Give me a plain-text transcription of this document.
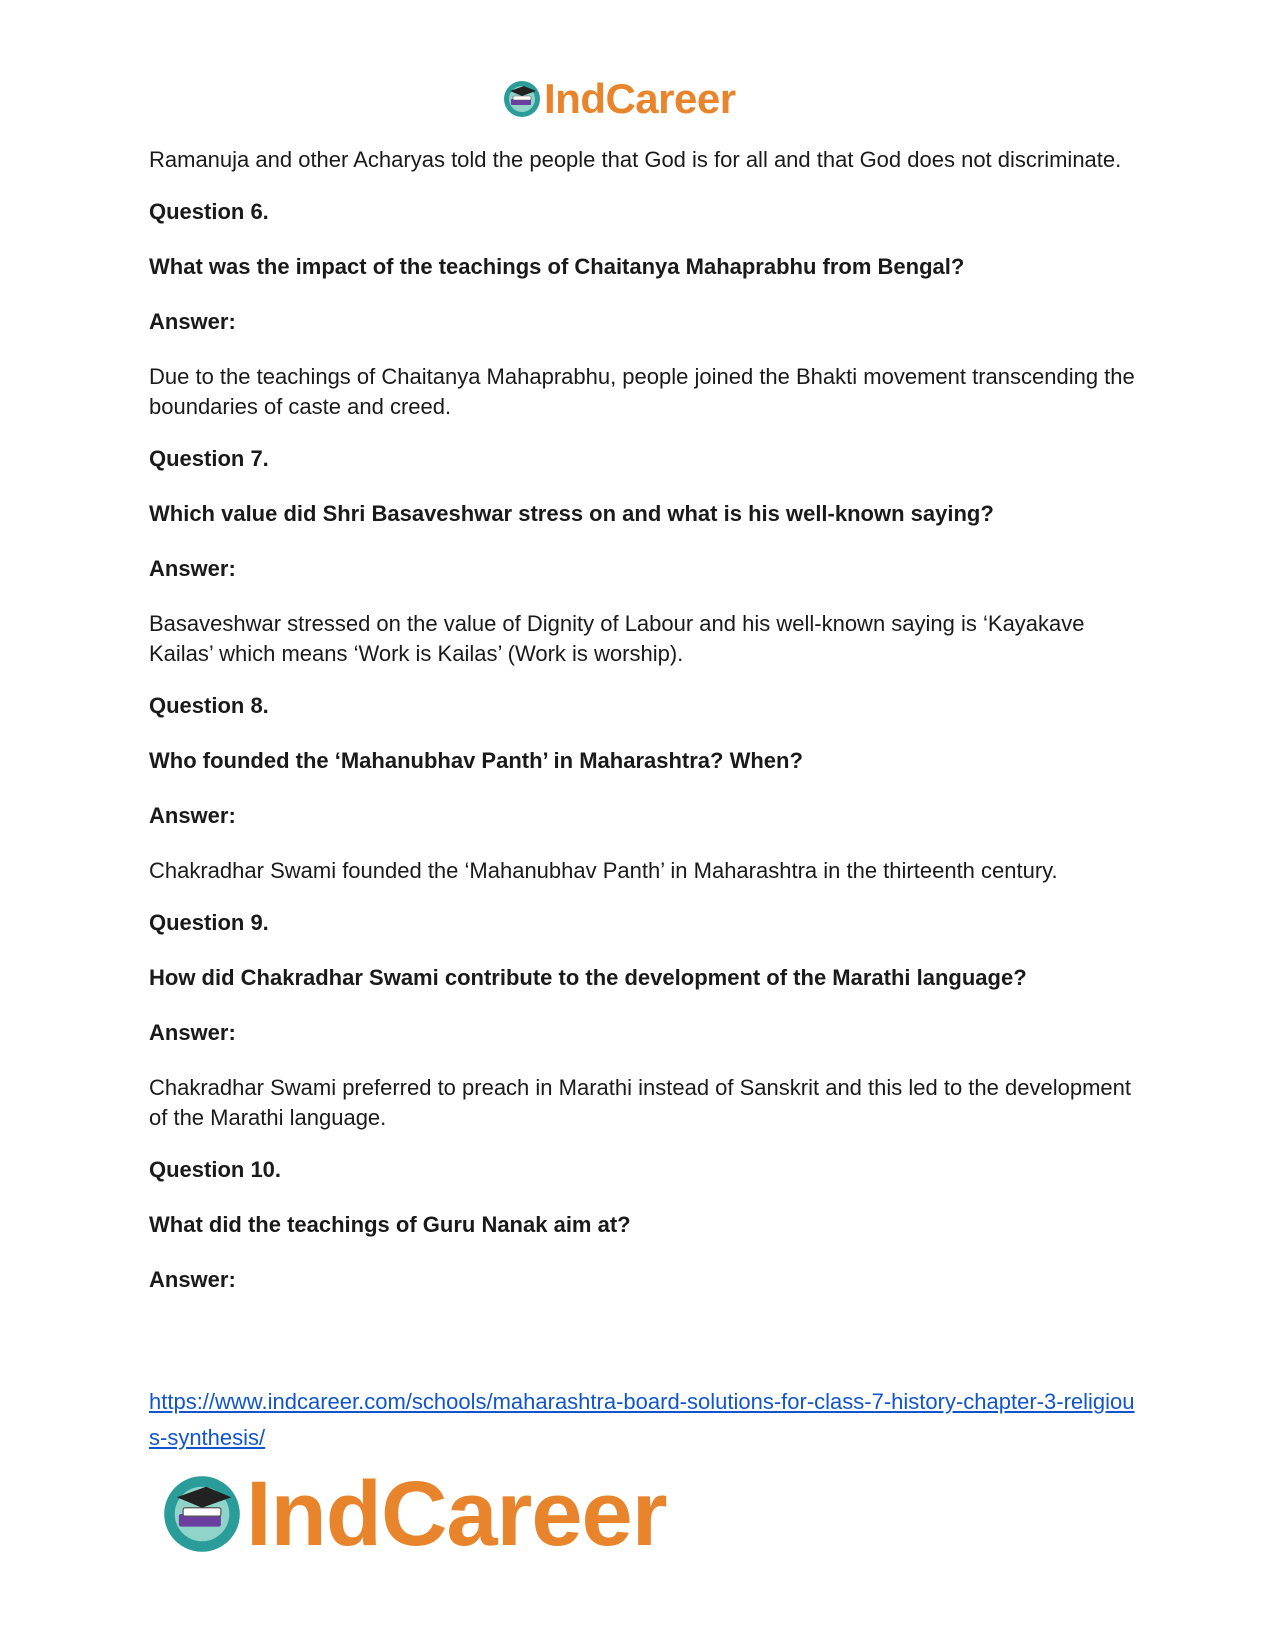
IndCareer

Ramanuja and other Acharyas told the people that God is for all and that God does not discriminate.

Question 6.

What was the impact of the teachings of Chaitanya Mahaprabhu from Bengal?

Answer:

Due to the teachings of Chaitanya Mahaprabhu, people joined the Bhakti movement transcending the boundaries of caste and creed.

Question 7.

Which value did Shri Basaveshwar stress on and what is his well-known saying?

Answer:

Basaveshwar stressed on the value of Dignity of Labour and his well-known saying is ‘Kayakave Kailas’ which means ‘Work is Kailas’ (Work is worship).

Question 8.

Who founded the ‘Mahanubhav Panth’ in Maharashtra? When?

Answer:

Chakradhar Swami founded the ‘Mahanubhav Panth’ in Maharashtra in the thirteenth century.

Question 9.

How did Chakradhar Swami contribute to the development of the Marathi language?

Answer:

Chakradhar Swami preferred to preach in Marathi instead of Sanskrit and this led to the development of the Marathi language.

Question 10.

What did the teachings of Guru Nanak aim at?

Answer:

https://www.indcareer.com/schools/maharashtra-board-solutions-for-class-7-history-chapter-3-religious-synthesis/
IndCareer
